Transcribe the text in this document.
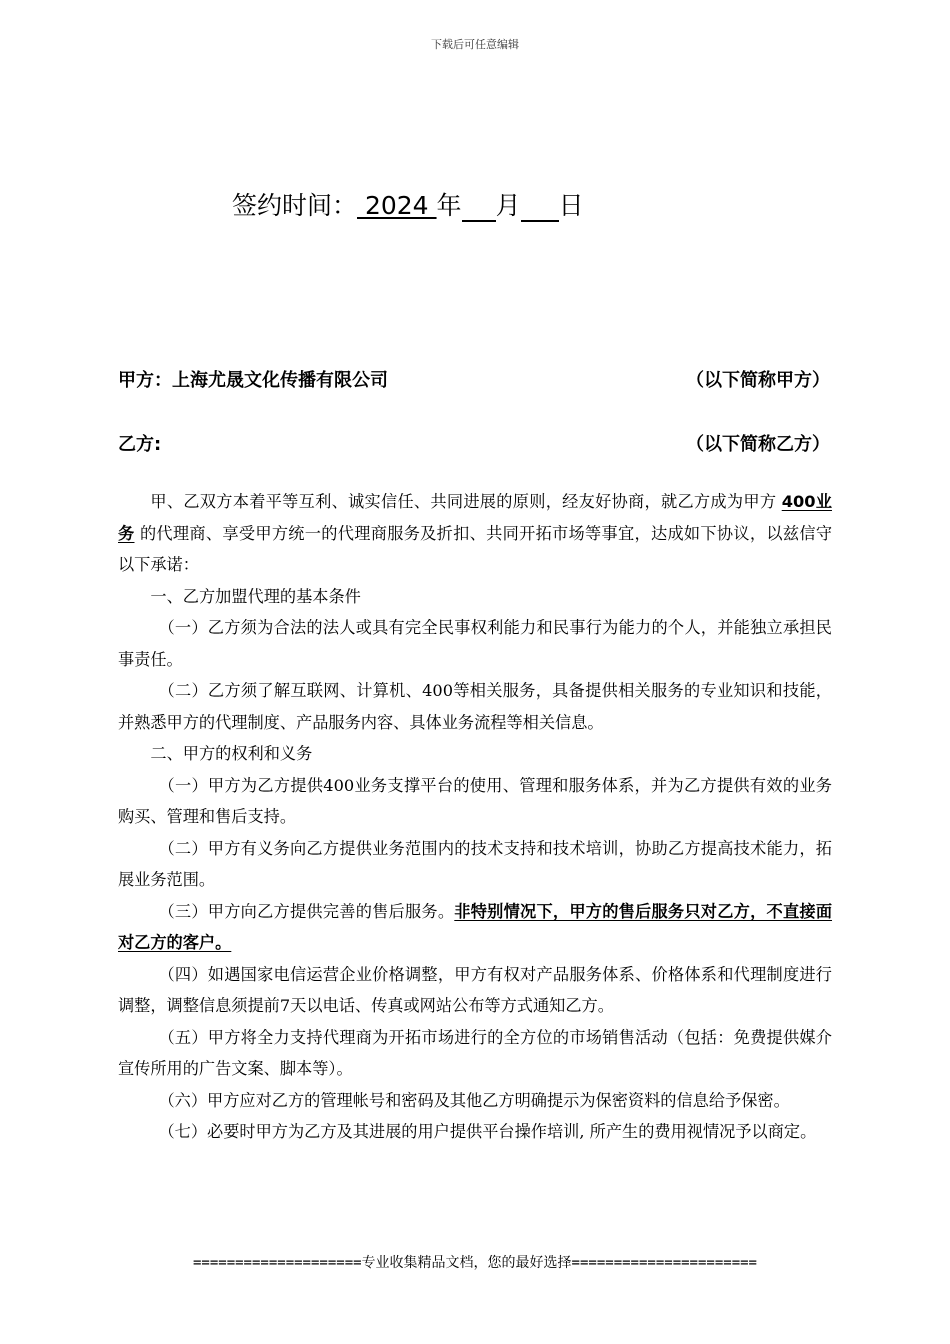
下载后可任意编辑
签约时间： 2024 年 月 日
甲方：上海尤晟文化传播有限公司	（以下简称甲方）
乙方:	（以下简称乙方）

甲、乙双方本着平等互利、诚实信任、共同进展的原则，经友好协商，就乙方成为甲方 400业务 的代理商、享受甲方统一的代理商服务及折扣、共同开拓市场等事宜，达成如下协议，以兹信守以下承诺：

一、乙方加盟代理的基本条件

（一）乙方须为合法的法人或具有完全民事权利能力和民事行为能力的个人，并能独立承担民事责任。

（二）乙方须了解互联网、计算机、400等相关服务，具备提供相关服务的专业知识和技能，并熟悉甲方的代理制度、产品服务内容、具体业务流程等相关信息。

二、甲方的权利和义务

（一）甲方为乙方提供400业务支撑平台的使用、管理和服务体系，并为乙方提供有效的业务购买、管理和售后支持。

（二）甲方有义务向乙方提供业务范围内的技术支持和技术培训，协助乙方提高技术能力，拓展业务范围。

（三）甲方向乙方提供完善的售后服务。非特别情况下，甲方的售后服务只对乙方，不直接面对乙方的客户。

（四）如遇国家电信运营企业价格调整，甲方有权对产品服务体系、价格体系和代理制度进行调整，调整信息须提前7天以电话、传真或网站公布等方式通知乙方。

（五）甲方将全力支持代理商为开拓市场进行的全方位的市场销售活动（包括：免费提供媒介宣传所用的广告文案、脚本等）。

（六）甲方应对乙方的管理帐号和密码及其他乙方明确提示为保密资料的信息给予保密。

（七）必要时甲方为乙方及其进展的用户提供平台操作培训, 所产生的费用视情况予以商定。

====================专业收集精品文档，您的最好选择======================
